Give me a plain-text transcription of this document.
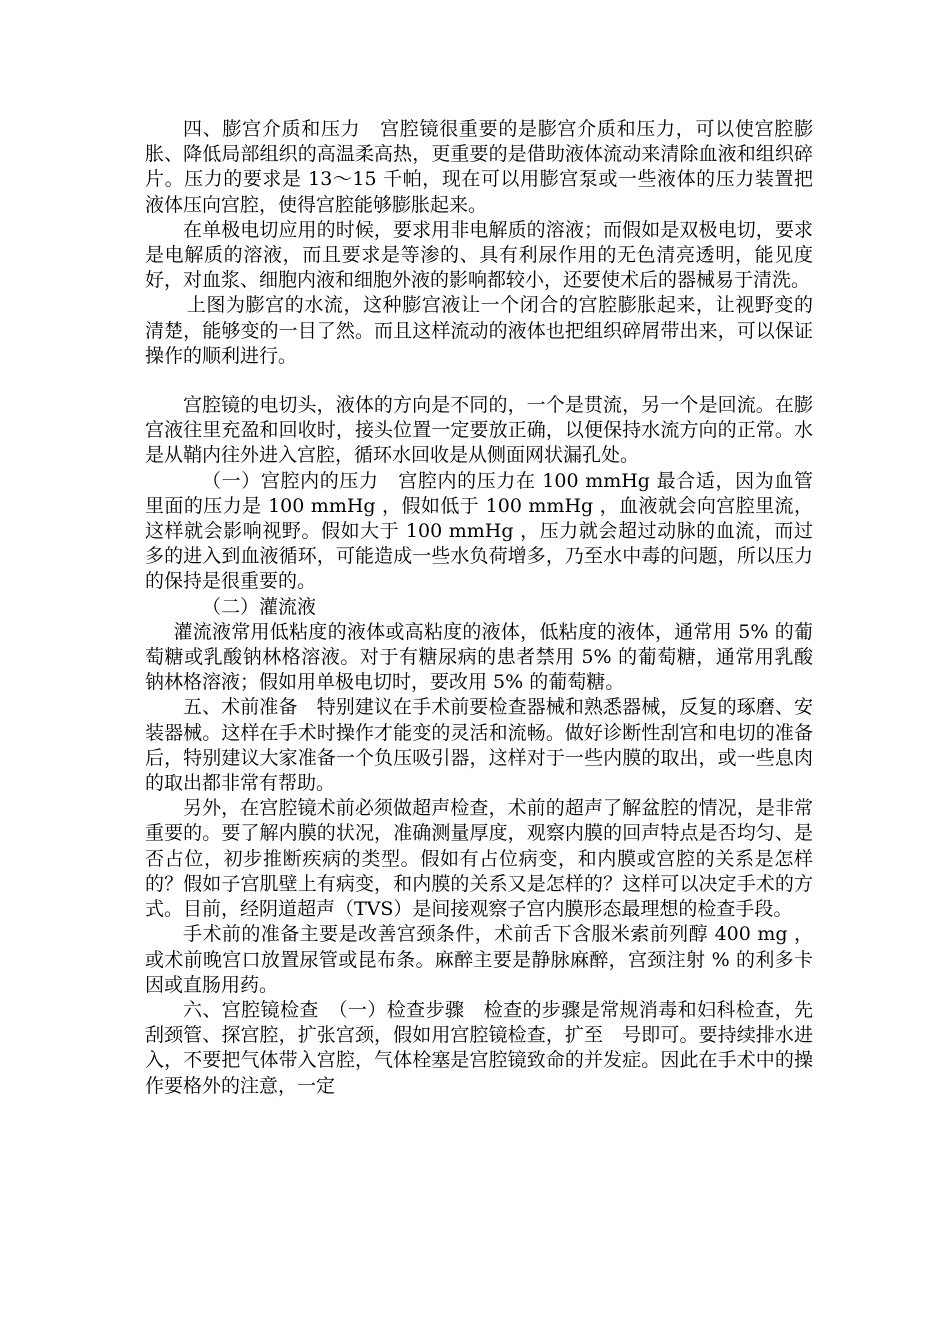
四、膨宫介质和压力　宫腔镜很重要的是膨宫介质和压力，可以使宫腔膨胀、降低局部组织的高温柔高热，更重要的是借助液体流动来清除血液和组织碎片。压力的要求是 13～15 千帕，现在可以用膨宫泵或一些液体的压力装置把液体压向宫腔，使得宫腔能够膨胀起来。

在单极电切应用的时候，要求用非电解质的溶液；而假如是双极电切，要求是电解质的溶液，而且要求是等渗的、具有利尿作用的无色清亮透明，能见度好，对血浆、细胞内液和细胞外液的影响都较小，还要使术后的器械易于清洗。

上图为膨宫的水流，这种膨宫液让一个闭合的宫腔膨胀起来，让视野变的清楚，能够变的一目了然。而且这样流动的液体也把组织碎屑带出来，可以保证操作的顺利进行。

宫腔镜的电切头，液体的方向是不同的，一个是贯流，另一个是回流。在膨宫液往里充盈和回收时，接头位置一定要放正确，以便保持水流方向的正常。水是从鞘内往外进入宫腔，循环水回收是从侧面网状漏孔处。

（一）宫腔内的压力　宫腔内的压力在 100 mmHg 最合适，因为血管里面的压力是 100 mmHg ，假如低于 100 mmHg ，血液就会向宫腔里流，这样就会影响视野。假如大于 100 mmHg ，压力就会超过动脉的血流，而过多的进入到血液循环，可能造成一些水负荷增多，乃至水中毒的问题，所以压力的保持是很重要的。

（二）灌流液

灌流液常用低粘度的液体或高粘度的液体，低粘度的液体，通常用 5% 的葡萄糖或乳酸钠林格溶液。对于有糖尿病的患者禁用 5% 的葡萄糖，通常用乳酸钠林格溶液；假如用单极电切时，要改用 5% 的葡萄糖。

五、术前准备　特别建议在手术前要检查器械和熟悉器械，反复的琢磨、安装器械。这样在手术时操作才能变的灵活和流畅。做好诊断性刮宫和电切的准备后，特别建议大家准备一个负压吸引器，这样对于一些内膜的取出，或一些息肉的取出都非常有帮助。

另外，在宫腔镜术前必须做超声检查，术前的超声了解盆腔的情况，是非常重要的。要了解内膜的状况，准确测量厚度，观察内膜的回声特点是否均匀、是否占位，初步推断疾病的类型。假如有占位病变，和内膜或宫腔的关系是怎样的？假如子宫肌壁上有病变，和内膜的关系又是怎样的？这样可以决定手术的方式。目前，经阴道超声（TVS）是间接观察子宫内膜形态最理想的检查手段。

手术前的准备主要是改善宫颈条件，术前舌下含服米索前列醇 400 mg ，或术前晚宫口放置尿管或昆布条。麻醉主要是静脉麻醉，宫颈注射 % 的利多卡因或直肠用药。

六、宫腔镜检查　（一）检查步骤　检查的步骤是常规消毒和妇科检查，先刮颈管、探宫腔，扩张宫颈，假如用宫腔镜检查，扩至　号即可。要持续排水进入，不要把气体带入宫腔，气体栓塞是宫腔镜致命的并发症。因此在手术中的操作要格外的注意，一定
